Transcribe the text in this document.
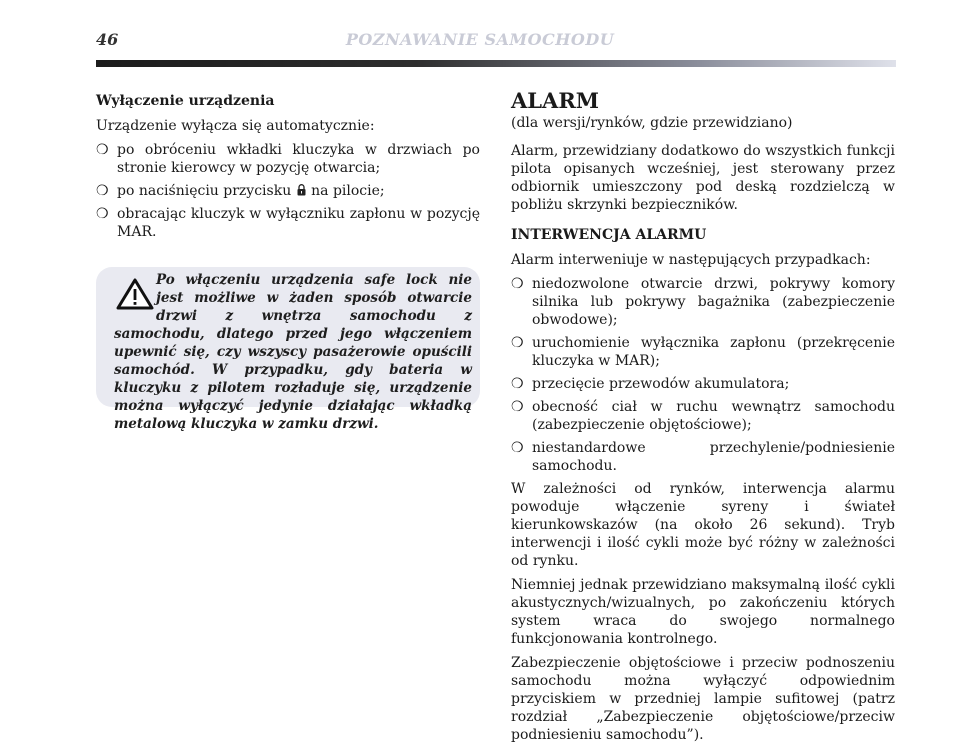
46	POZNAWANIE SAMOCHODU

Wyłączenie urządzenia

Urządzenie wyłącza się automatycznie:

❍ po obróceniu wkładki kluczyka w drzwiach po stronie kierowcy w pozycję otwarcia;
❍ po naciśnięciu przycisku na pilocie;
❍ obracając kluczyk w wyłączniku zapłonu w pozycję MAR.
Po włączeniu urządzenia safe lock nie jest możliwe w żaden sposób otwarcie drzwi z wnętrza samochodu z samochodu, dlatego przed jego włączeniem upewnić się, czy wszyscy pasażerowie opuścili samochód. W przypadku, gdy bateria w kluczyku z pilotem rozładuje się, urządzenie można wyłączyć jedynie działając wkładką metalową kluczyka w zamku drzwi.

ALARM

(dla wersji/rynków, gdzie przewidziano)

Alarm, przewidziany dodatkowo do wszystkich funkcji pilota opisanych wcześniej, jest sterowany przez odbiornik umieszczony pod deską rozdzielczą w pobliżu skrzynki bezpieczników.

INTERWENCJA ALARMU

Alarm interweniuje w następujących przypadkach:

❍ niedozwolone otwarcie drzwi, pokrywy komory silnika lub pokrywy bagażnika (zabezpieczenie obwodowe);
❍ uruchomienie wyłącznika zapłonu (przekręcenie kluczyka w MAR);
❍ przecięcie przewodów akumulatora;
❍ obecność ciał w ruchu wewnątrz samochodu (zabezpieczenie objętościowe);
❍ niestandardowe przechylenie/podniesienie samochodu.

W zależności od rynków, interwencja alarmu powoduje włączenie syreny i świateł kierunkowskazów (na około 26 sekund). Tryb interwencji i ilość cykli może być różny w zależności od rynku.

Niemniej jednak przewidziano maksymalną ilość cykli akustycznych/wizualnych, po zakończeniu których system wraca do swojego normalnego funkcjonowania kontrolnego.

Zabezpieczenie objętościowe i przeciw podnoszeniu samochodu można wyłączyć odpowiednim przyciskiem w przedniej lampie sufitowej (patrz rozdział „Zabezpieczenie objętościowe/przeciw podniesieniu samochodu”).
